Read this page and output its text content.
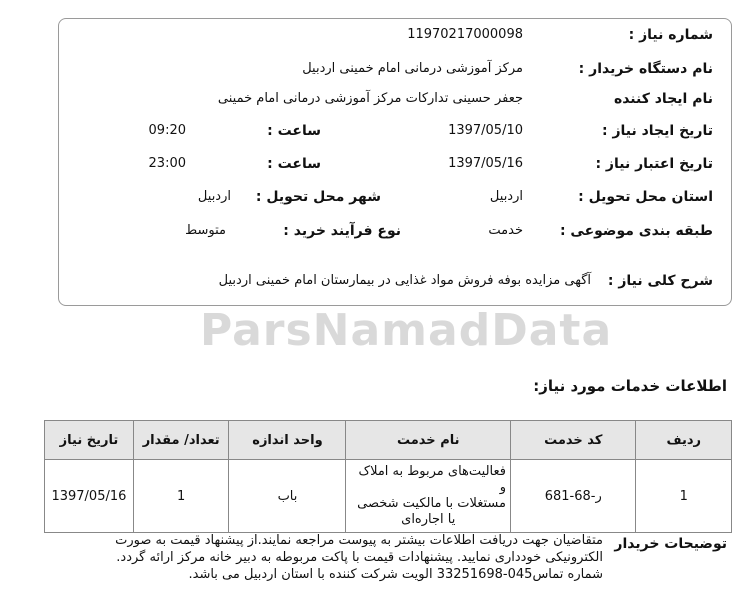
ParsNamadData
شماره نیاز :
11970217000098
نام دستگاه خریدار :
مرکز آموزشی درمانی امام خمینی اردبیل
نام ایجاد کننده
جعفر حسینی تدارکات مرکز آموزشی درمانی امام خمینی
تاریخ ایجاد نیاز :
1397/05/10
ساعت :
09:20
تاریخ اعتبار نیاز :
1397/05/16
ساعت :
23:00
استان محل تحویل :
اردبیل
شهر محل تحویل :
اردبیل
طبقه بندی موضوعی :
خدمت
نوع فرآیند خرید :
متوسط
شرح کلی نیاز :
آگهی مزایده بوفه فروش مواد غذایی در بیمارستان امام خمینی اردبیل
اطلاعات خدمات مورد نیاز:
ردیف	کد خدمت	نام خدمت	واحد اندازه	تعداد/ مقدار	تاریخ نیاز
1	ر-68-681	فعالیت‌های مربوط به املاک و
مستغلات با مالکیت شخصی
یا اجاره‌ای	باب	1	1397/05/16
توضیحات خریدار
متقاضیان جهت دریافت اطلاعات بیشتر به پیوست مراجعه نمایند.از پیشنهاد قیمت به صورت
الکترونیکی خودداری نمایید. پیشنهادات قیمت با پاکت مربوطه به دبیر خانه مرکز ارائه گردد.
شماره تماس045-33251698 الویت شرکت کننده با استان اردبیل می باشد.
